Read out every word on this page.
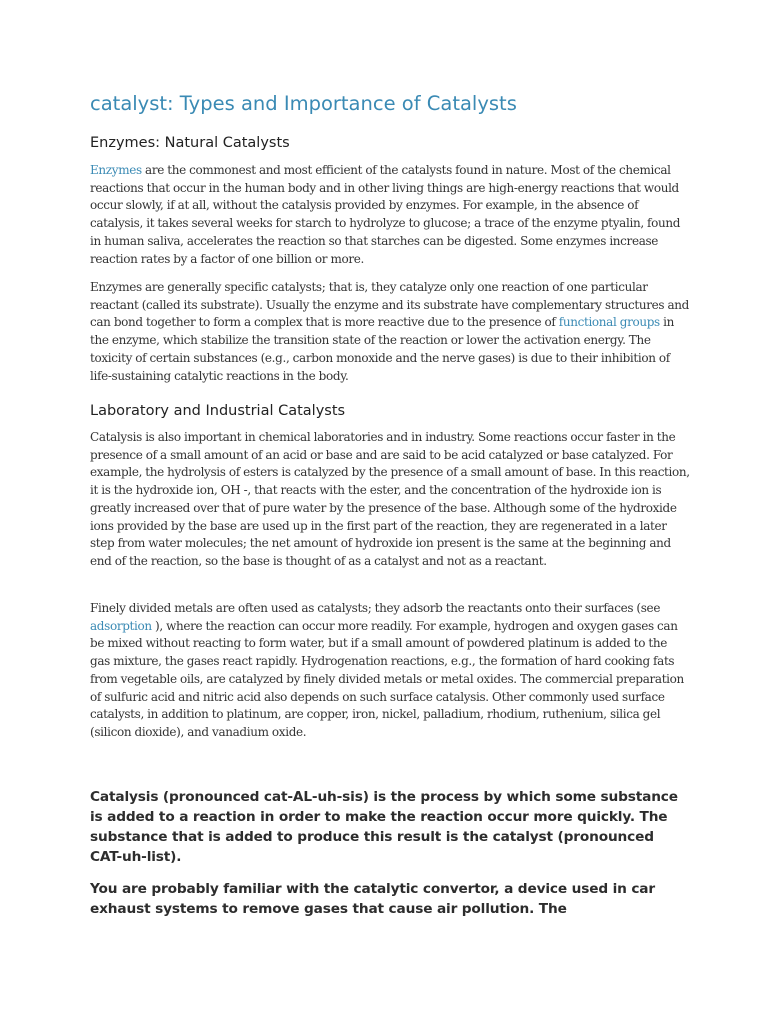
catalyst: Types and Importance of Catalysts
Enzymes: Natural Catalysts

Enzymes are the commonest and most efficient of the catalysts found in nature. Most of the chemical reactions that occur in the human body and in other living things are high-energy reactions that would occur slowly, if at all, without the catalysis provided by enzymes. For example, in the absence of catalysis, it takes several weeks for starch to hydrolyze to glucose; a trace of the enzyme ptyalin, found in human saliva, accelerates the reaction so that starches can be digested. Some enzymes increase reaction rates by a factor of one billion or more.

Enzymes are generally specific catalysts; that is, they catalyze only one reaction of one particular reactant (called its substrate). Usually the enzyme and its substrate have complementary structures and can bond together to form a complex that is more reactive due to the presence of functional groups in the enzyme, which stabilize the transition state of the reaction or lower the activation energy. The toxicity of certain substances (e.g., carbon monoxide and the nerve gases) is due to their inhibition of life-sustaining catalytic reactions in the body.

Laboratory and Industrial Catalysts

Catalysis is also important in chemical laboratories and in industry. Some reactions occur faster in the presence of a small amount of an acid or base and are said to be acid catalyzed or base catalyzed. For example, the hydrolysis of esters is catalyzed by the presence of a small amount of base. In this reaction, it is the hydroxide ion, OH -, that reacts with the ester, and the concentration of the hydroxide ion is greatly increased over that of pure water by the presence of the base. Although some of the hydroxide ions provided by the base are used up in the first part of the reaction, they are regenerated in a later step from water molecules; the net amount of hydroxide ion present is the same at the beginning and end of the reaction, so the base is thought of as a catalyst and not as a reactant.

Finely divided metals are often used as catalysts; they adsorb the reactants onto their surfaces (see adsorption ), where the reaction can occur more readily. For example, hydrogen and oxygen gases can be mixed without reacting to form water, but if a small amount of powdered platinum is added to the gas mixture, the gases react rapidly. Hydrogenation reactions, e.g., the formation of hard cooking fats from vegetable oils, are catalyzed by finely divided metals or metal oxides. The commercial preparation of sulfuric acid and nitric acid also depends on such surface catalysis. Other commonly used surface catalysts, in addition to platinum, are copper, iron, nickel, palladium, rhodium, ruthenium, silica gel (silicon dioxide), and vanadium oxide.

Catalysis (pronounced cat-AL-uh-sis) is the process by which some substance is added to a reaction in order to make the reaction occur more quickly. The substance that is added to produce this result is the catalyst (pronounced CAT-uh-list).

You are probably familiar with the catalytic convertor, a device used in car exhaust systems to remove gases that cause air pollution. The
